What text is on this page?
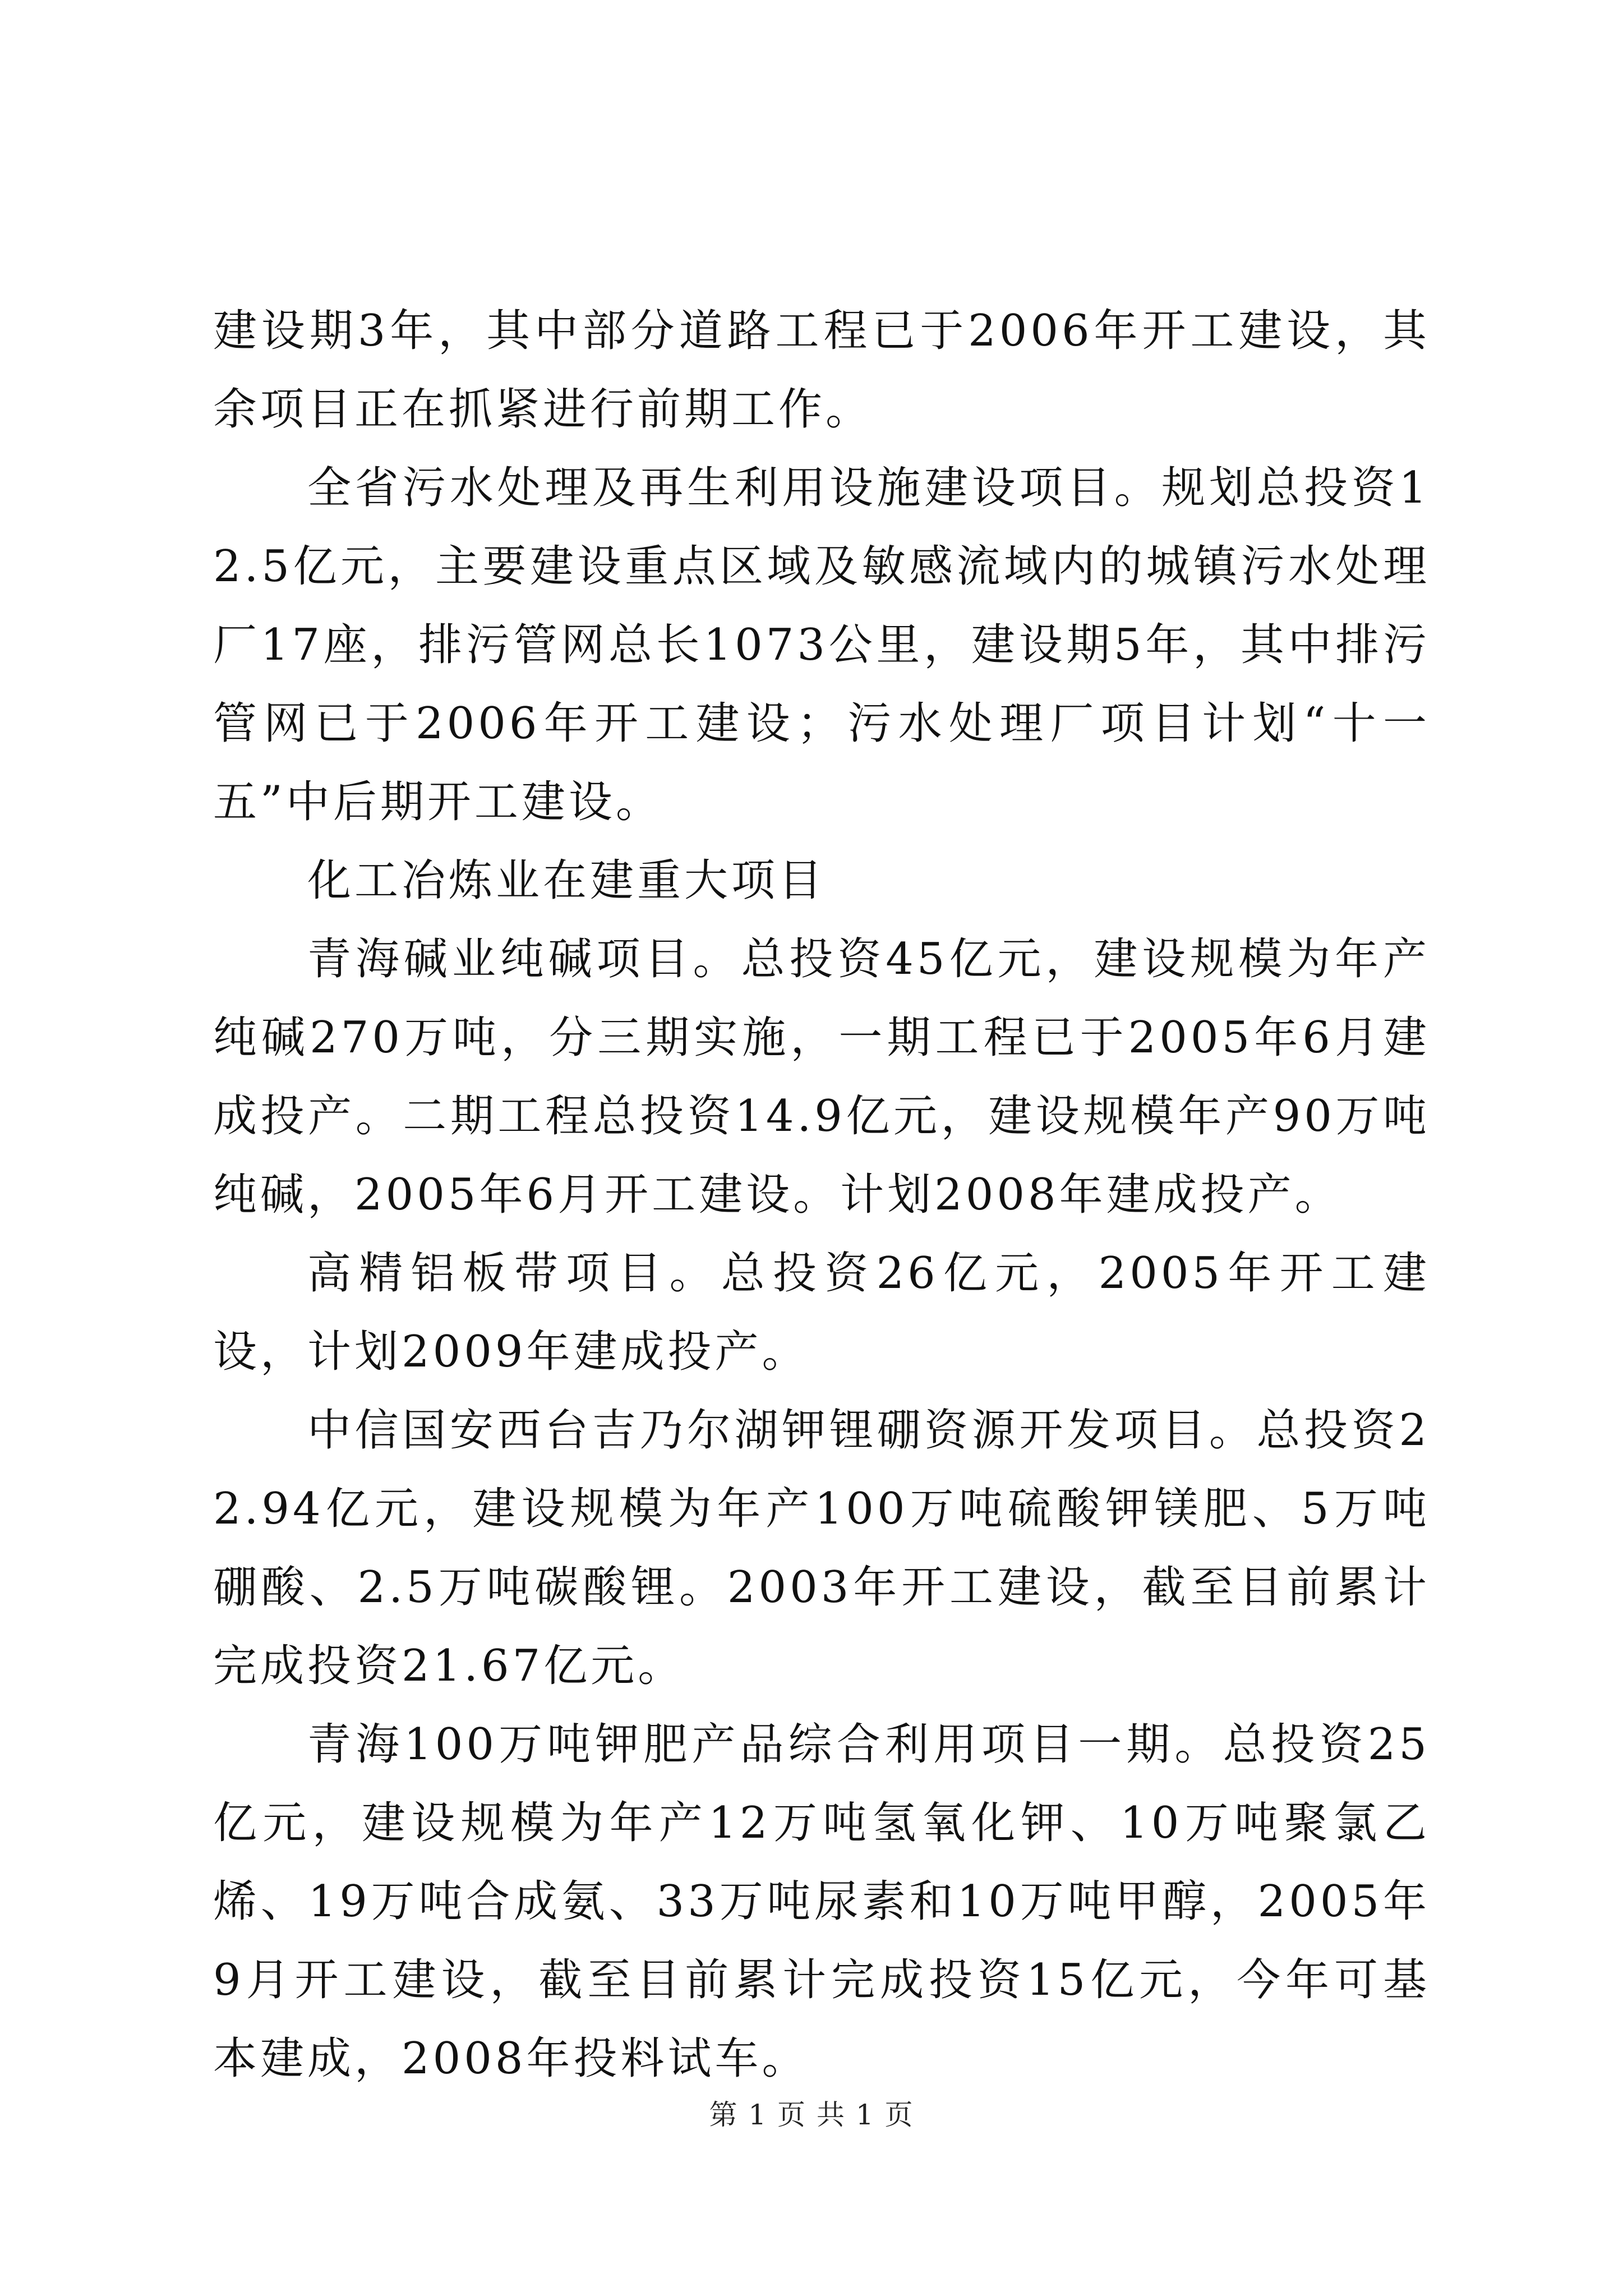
建设期3年，其中部分道路工程已于2006年开工建设，其余项目正在抓紧进行前期工作。

全省污水处理及再生利用设施建设项目。规划总投资12.5亿元，主要建设重点区域及敏感流域内的城镇污水处理厂17座，排污管网总长1073公里，建设期5年，其中排污管网已于2006年开工建设；污水处理厂项目计划“十一五”中后期开工建设。

化工冶炼业在建重大项目

青海碱业纯碱项目。总投资45亿元，建设规模为年产纯碱270万吨，分三期实施，一期工程已于2005年6月建成投产。二期工程总投资14.9亿元，建设规模年产90万吨纯碱，2005年6月开工建设。计划2008年建成投产。

高精铝板带项目。总投资26亿元，2005年开工建设，计划2009年建成投产。

中信国安西台吉乃尔湖钾锂硼资源开发项目。总投资22.94亿元，建设规模为年产100万吨硫酸钾镁肥、5万吨硼酸、2.5万吨碳酸锂。2003年开工建设，截至目前累计完成投资21.67亿元。

青海100万吨钾肥产品综合利用项目一期。总投资25亿元，建设规模为年产12万吨氢氧化钾、10万吨聚氯乙烯、19万吨合成氨、33万吨尿素和10万吨甲醇，2005年9月开工建设，截至目前累计完成投资15亿元，今年可基本建成，2008年投料试车。

第 1 页 共 1 页
